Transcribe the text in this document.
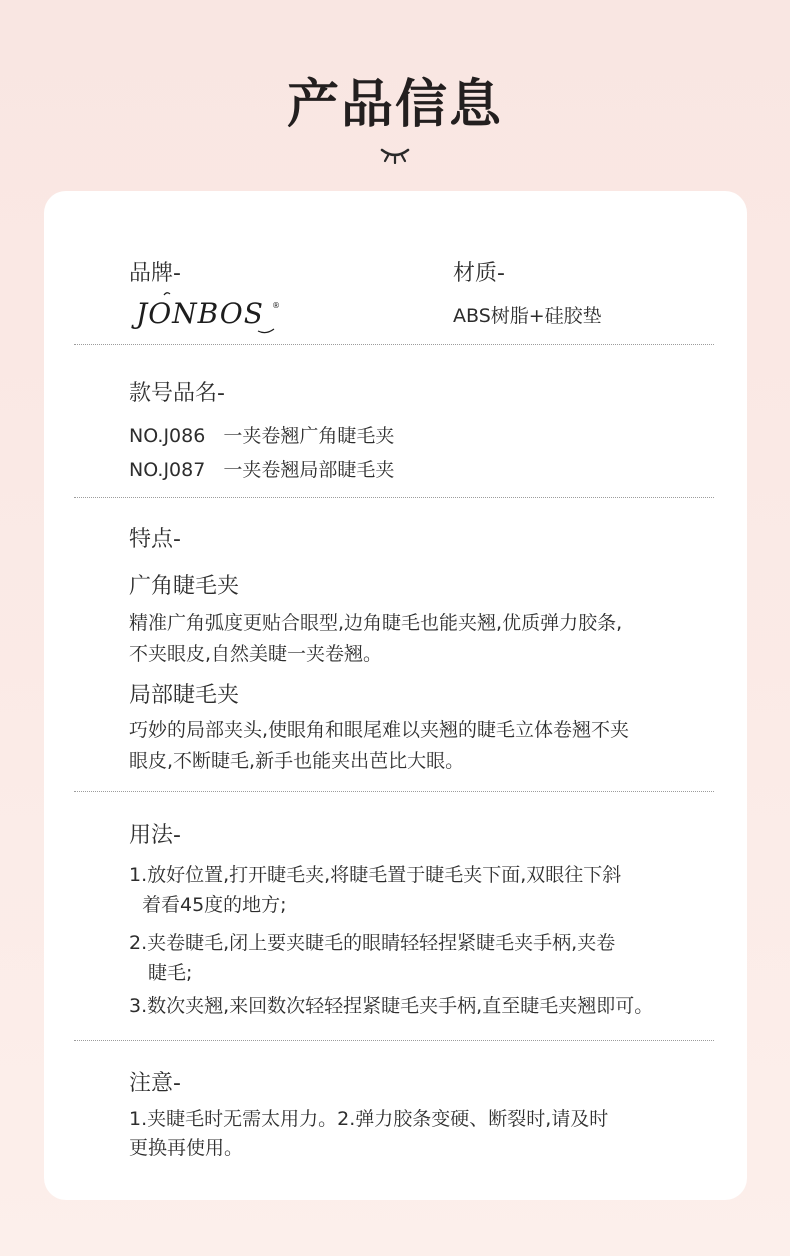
产品信息
品牌-
JONBOS ®
材质-
ABS树脂+硅胶垫
款号品名-
NO.J086   一夹卷翘广角睫毛夹
NO.J087   一夹卷翘局部睫毛夹
特点-
广角睫毛夹
精准广角弧度更贴合眼型,边角睫毛也能夹翘,优质弹力胶条,
不夹眼皮,自然美睫一夹卷翘。
局部睫毛夹
巧妙的局部夹头,使眼角和眼尾难以夹翘的睫毛立体卷翘不夹
眼皮,不断睫毛,新手也能夹出芭比大眼。
用法-
1.放好位置,打开睫毛夹,将睫毛置于睫毛夹下面,双眼往下斜
着看45度的地方;
2.夹卷睫毛,闭上要夹睫毛的眼睛轻轻捏紧睫毛夹手柄,夹卷
睫毛;
3.数次夹翘,来回数次轻轻捏紧睫毛夹手柄,直至睫毛夹翘即可。
注意-
1.夹睫毛时无需太用力。2.弹力胶条变硬、断裂时,请及时
更换再使用。
